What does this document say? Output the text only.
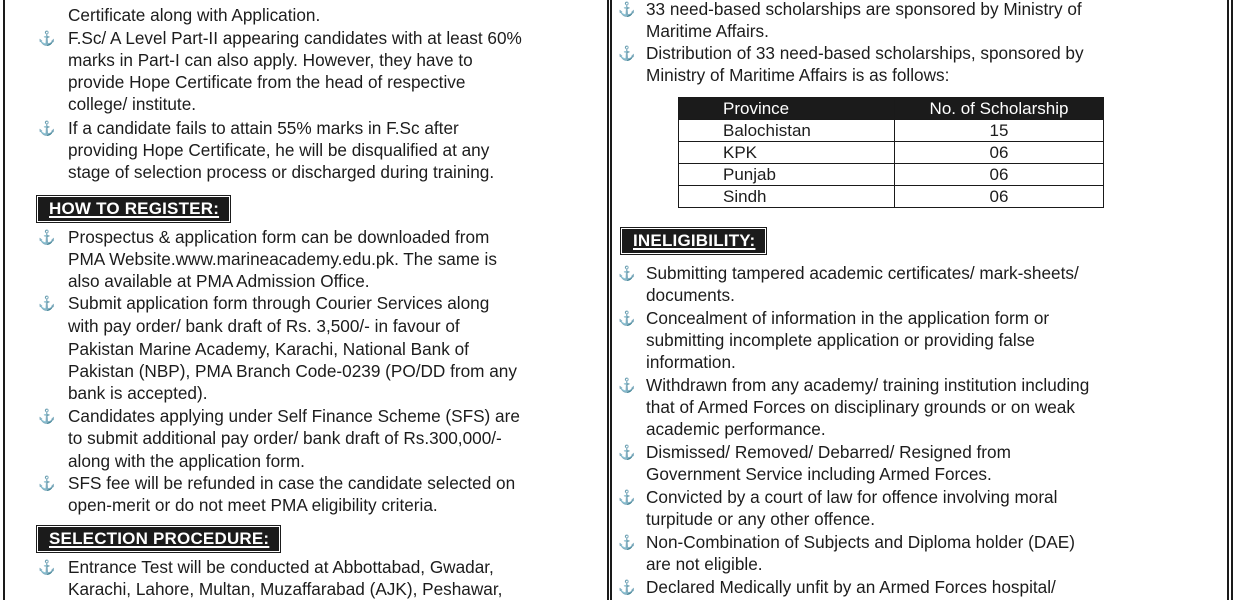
Certificate along with Application.
⚓ F.Sc/ A Level Part-II appearing candidates with at least 60%
marks in Part-I can also apply. However, they have to
provide Hope Certificate from the head of respective
college/ institute.
⚓ If a candidate fails to attain 55% marks in F.Sc after
providing Hope Certificate, he will be disqualified at any
stage of selection process or discharged during training.
HOW TO REGISTER:
⚓ Prospectus & application form can be downloaded from
PMA Website.www.marineacademy.edu.pk. The same is
also available at PMA Admission Office.
⚓ Submit application form through Courier Services along
with pay order/ bank draft of Rs. 3,500/- in favour of
Pakistan Marine Academy, Karachi, National Bank of
Pakistan (NBP), PMA Branch Code-0239 (PO/DD from any
bank is accepted).
⚓ Candidates applying under Self Finance Scheme (SFS) are
to submit additional pay order/ bank draft of Rs.300,000/-
along with the application form.
⚓ SFS fee will be refunded in case the candidate selected on
open-merit or do not meet PMA eligibility criteria.
SELECTION PROCEDURE:
⚓ Entrance Test will be conducted at Abbottabad, Gwadar,
Karachi, Lahore, Multan, Muzaffarabad (AJK), Peshawar,
⚓ 33 need-based scholarships are sponsored by Ministry of
Maritime Affairs.
⚓ Distribution of 33 need-based scholarships, sponsored by
Ministry of Maritime Affairs is as follows:
Province	No. of Scholarship
Balochistan	15
KPK	06
Punjab	06
Sindh	06
INELIGIBILITY:
⚓ Submitting tampered academic certificates/ mark-sheets/
documents.
⚓ Concealment of information in the application form or
submitting incomplete application or providing false
information.
⚓ Withdrawn from any academy/ training institution including
that of Armed Forces on disciplinary grounds or on weak
academic performance.
⚓ Dismissed/ Removed/ Debarred/ Resigned from
Government Service including Armed Forces.
⚓ Convicted by a court of law for offence involving moral
turpitude or any other offence.
⚓ Non-Combination of Subjects and Diploma holder (DAE)
are not eligible.
⚓ Declared Medically unfit by an Armed Forces hospital/
